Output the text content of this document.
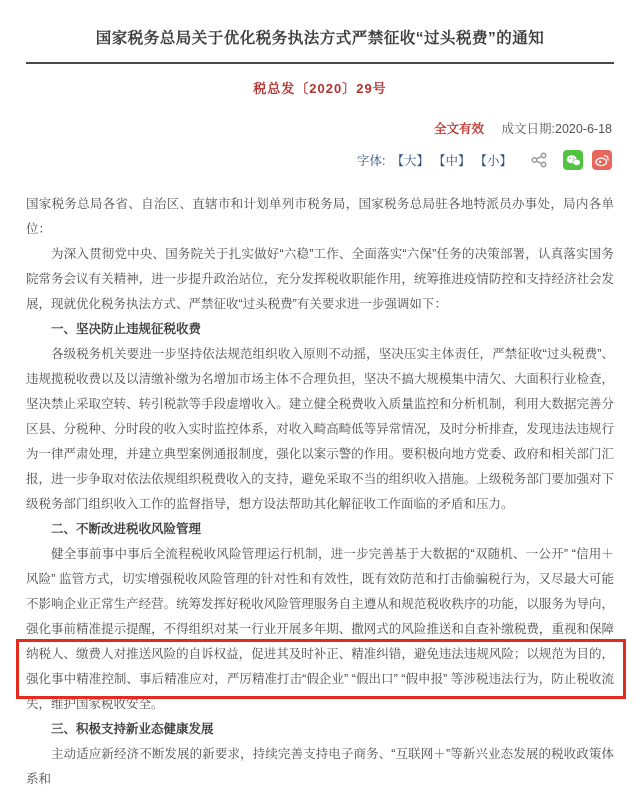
国家税务总局关于优化税务执法方式严禁征收“过头税费”的通知
税总发〔2020〕29号
全文有效 成文日期:2020-6-18
字体: 【大】 【中】 【小】

国家税务总局各省、自治区、直辖市和计划单列市税务局，国家税务总局驻各地特派员办事处，局内各单位：

为深入贯彻党中央、国务院关于扎实做好“六稳”工作、全面落实“六保”任务的决策部署，认真落实国务院常务会议有关精神，进一步提升政治站位，充分发挥税收职能作用，统筹推进疫情防控和支持经济社会发展，现就优化税务执法方式、严禁征收“过头税费”有关要求进一步强调如下：

一、坚决防止违规征税收费

各级税务机关要进一步坚持依法规范组织收入原则不动摇，坚决压实主体责任，严禁征收“过头税费”、违规揽税收费以及以清缴补缴为名增加市场主体不合理负担，坚决不搞大规模集中清欠、大面积行业检查，坚决禁止采取空转、转引税款等手段虚增收入。建立健全税费收入质量监控和分析机制，利用大数据完善分区县、分税种、分时段的收入实时监控体系，对收入畸高畸低等异常情况，及时分析排查，发现违法违规行为一律严肃处理，并建立典型案例通报制度，强化以案示警的作用。要积极向地方党委、政府和相关部门汇报，进一步争取对依法依规组织税费收入的支持，避免采取不当的组织收入措施。上级税务部门要加强对下级税务部门组织收入工作的监督指导，想方设法帮助其化解征收工作面临的矛盾和压力。

二、不断改进税收风险管理

健全事前事中事后全流程税收风险管理运行机制，进一步完善基于大数据的“双随机、一公开” “信用＋风险” 监管方式，切实增强税收风险管理的针对性和有效性，既有效防范和打击偷骗税行为，又尽最大可能不影响企业正常生产经营。统筹发挥好税收风险管理服务自主遵从和规范税收秩序的功能，以服务为导向，强化事前精准提示提醒，不得组织对某一行业开展多年期、撒网式的风险推送和自查补缴税费，重视和保障纳税人、缴费人对推送风险的自诉权益，促进其及时补正、精准纠错，避免违法违规风险；以规范为目的，强化事中精准控制、事后精准应对，严厉精准打击“假企业” “假出口” “假申报” 等涉税违法行为，防止税收流失，维护国家税收安全。

三、积极支持新业态健康发展

主动适应新经济不断发展的新要求，持续完善支持电子商务、“互联网＋”等新兴业态发展的税收政策体系和
